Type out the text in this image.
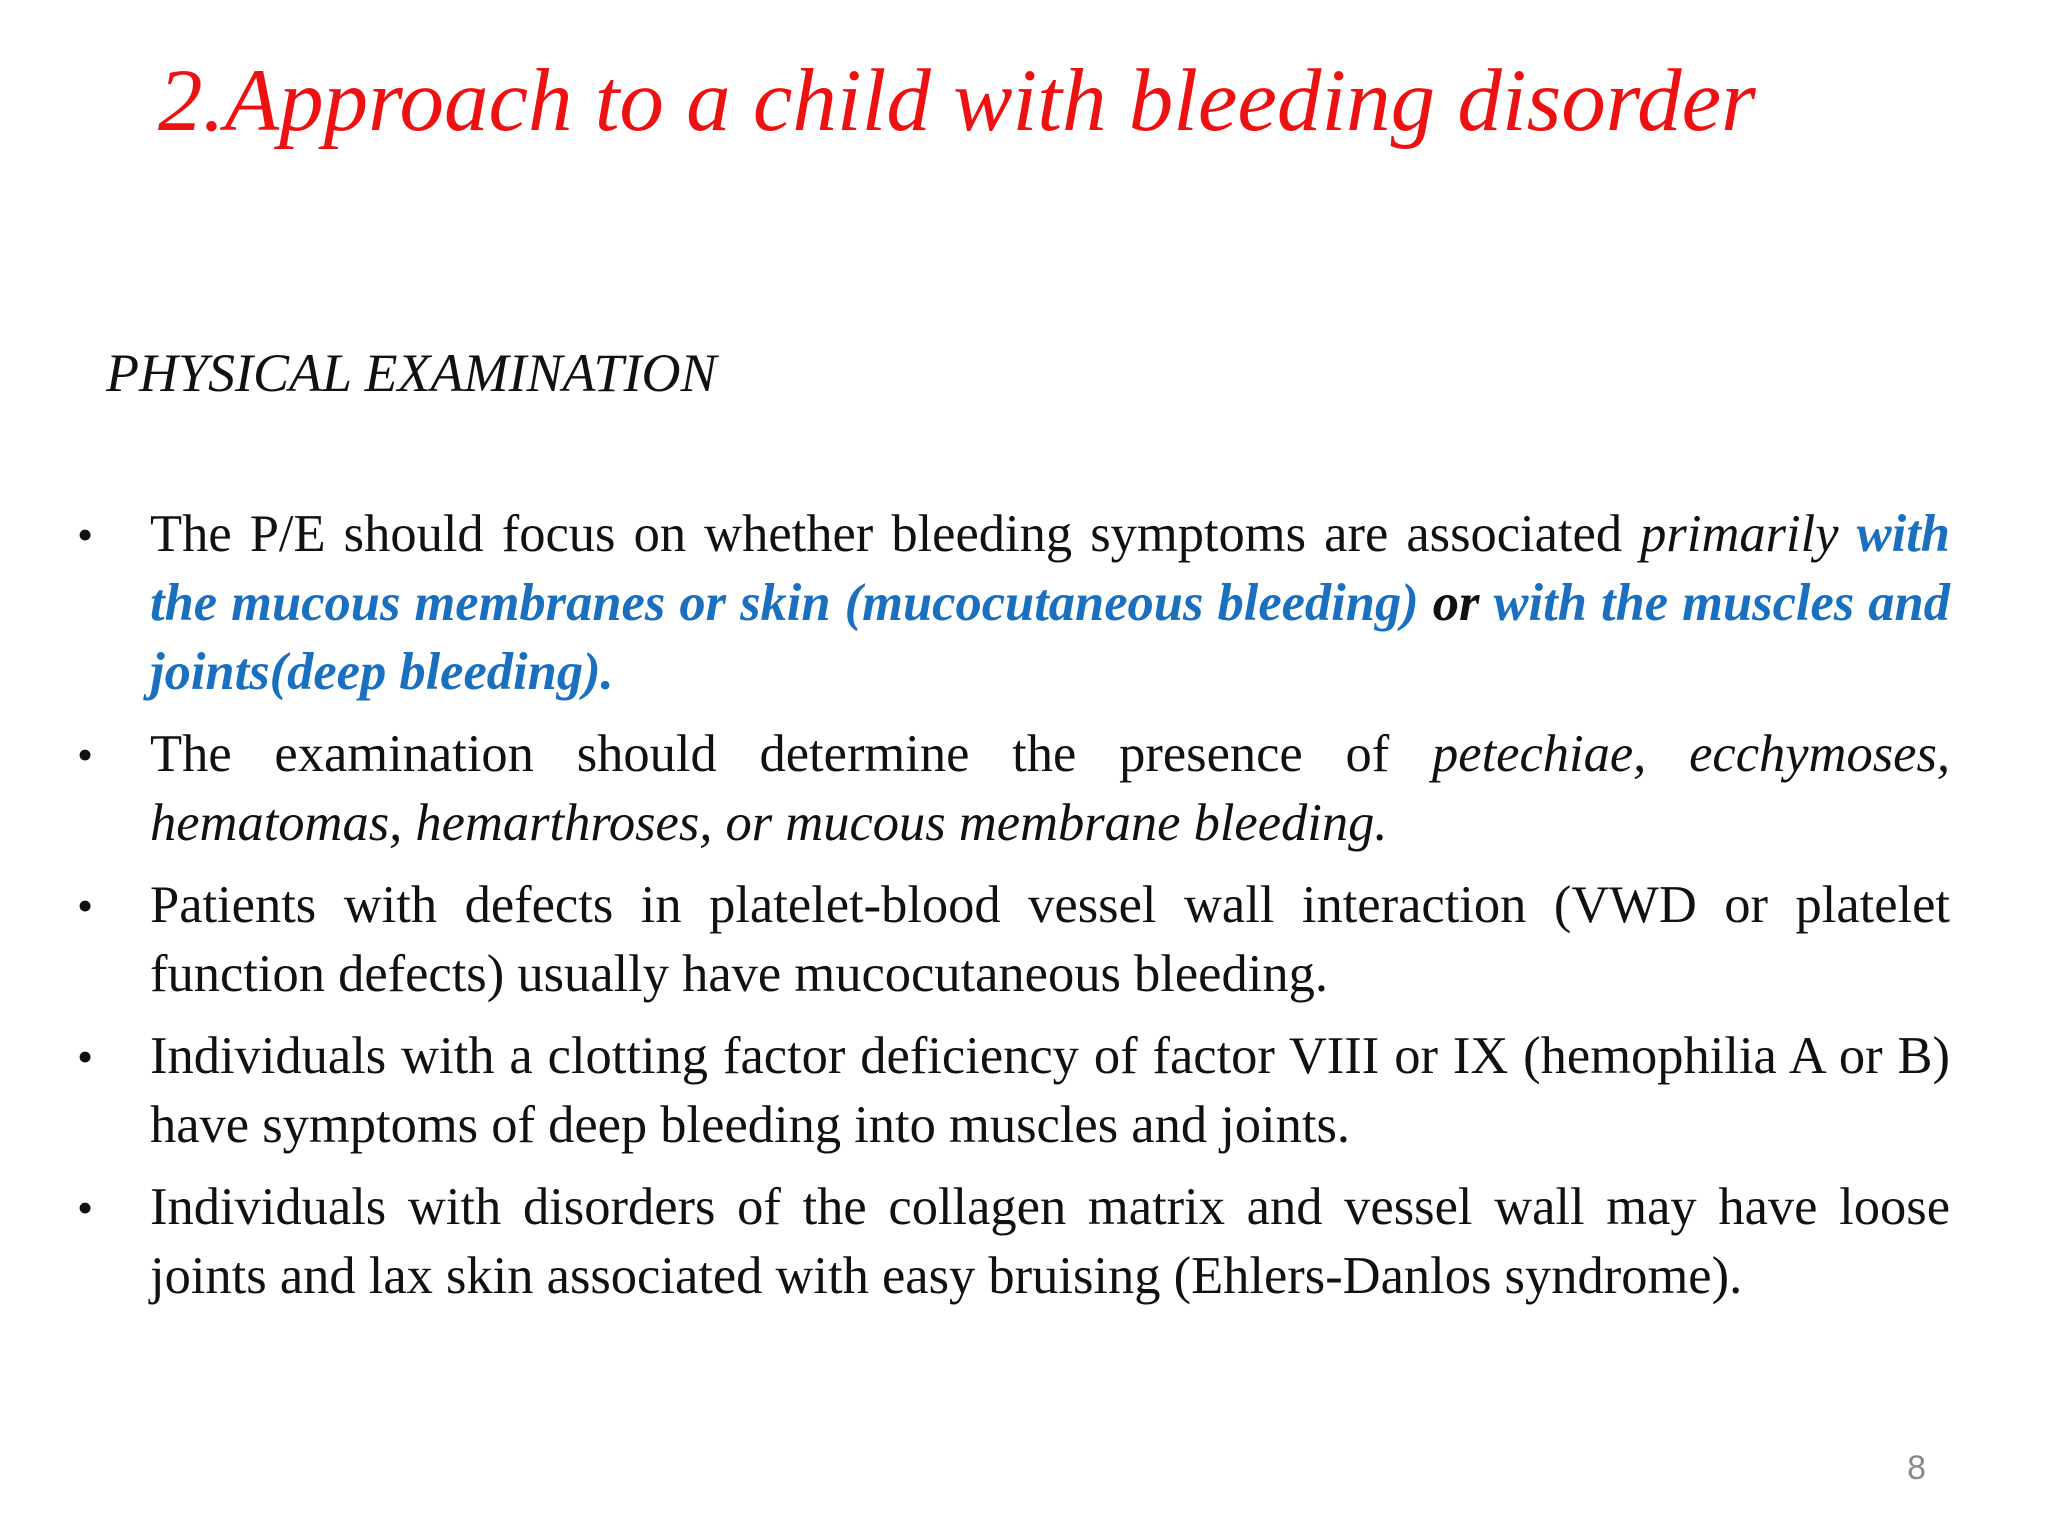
2.Approach to a child with bleeding disorder
PHYSICAL EXAMINATION
• The P/E should focus on whether bleeding symptoms are associated primarily with the mucous membranes or skin (mucocutaneous bleeding) or with the muscles and joints(deep bleeding).
• The examination should determine the presence of petechiae, ecchymoses, hematomas, hemarthroses, or mucous membrane bleeding.
• Patients with defects in platelet-blood vessel wall interaction (VWD or platelet function defects) usually have mucocutaneous bleeding.
• Individuals with a clotting factor deficiency of factor VIII or IX (hemophilia A or B) have symptoms of deep bleeding into muscles and joints.
• Individuals with disorders of the collagen matrix and vessel wall may have loose joints and lax skin associated with easy bruising (Ehlers-Danlos syndrome).
8
